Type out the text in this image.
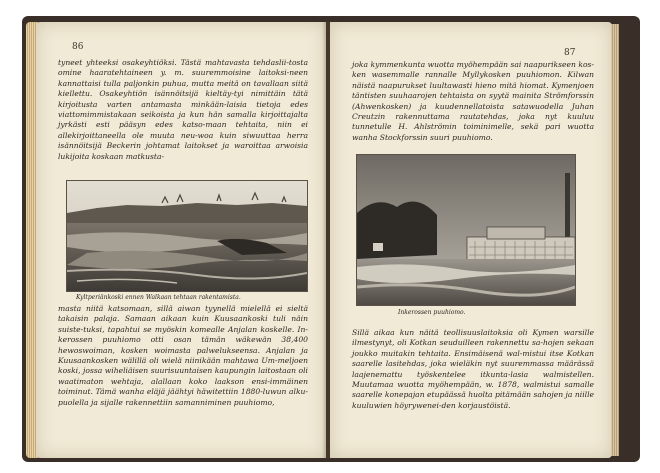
86

tyneet yhteeksi osakeyhtiöksi. Tästä mahtavasta tehdaslii-tosta omine haaratehtaineen y. m. suuremmoisine laitoksi-neen kannattaisi tulla paljonkin puhua, mutta meitä on tavallaan siitä kiellettu. Osakeyhtiön isännöitsijä kieltäy-tyi nimittäin tätä kirjoitusta varten antamasta minkään-laisia tietoja edes viattomimmistakaan seikoista ja kun hän samalla kirjoittajalta jyrkästi esti pääsyn edes katso-maan tehtaita, niin ei allekirjoittaneella ole muuta neu-woa kuin siwuuttaa herra isännöitsijä Beckerin johtamat laitokset ja waroittaa arwoisia lukijoita koskaan matkusta-

Kyltperiänkoski ennen Walkaan tehtaan rakentamista.

masta niitä katsomaan, sillä aiwan tyynellä mielellä ei sieltä takaisin palaja. Samaan aikaan kuin Kuusaankoski tuli näin suiste-tuksi, tapahtui se myöskin komealle Anjalan koskelle. In-kerossen puuhiomo otti osan tämän wäkewän 38,400 hewoswoiman, kosken woimasta palwelukseensa. Anjalan ja Kuusaankosken wälillä oli wielä niinikään mahtawa Um-meljoen koski, jossa wiheliäisen suurisuuntaisen kaupungin laitostaan oli waatimaton wehtaja, alallaan koko laakson ensi-immäinen toiminut. Tämä wanha eläjä jäähtyi häwitettiin 1880-luwun alku-puolella ja sijalle rakennettiin samanniminen puuhiomo,

87

joka kymmenkunta wuotta myöhempään sai naapurikseen kos-ken wasemmalle rannalle Myllykosken puuhiomon. Kilwan näistä naapurukset luultawasti hieno mitä hiomat. Kymenjoen täntisten suuhaarojen tehtaista on syytä mainita Strömforssin (Ahwenkosken) ja kuudennellatoista satawuodella Juhan Creutzin rakennuttama rautatehdas, joka nyt kuuluu tunnetulle H. Ahlströmin toiminimelle, sekä pari wuotta wanha Stockforssin suuri puuhiomo.

Inkerossen puuhiomo.

Sillä aikaa kun näitä teollisuuslaitoksia oli Kymen warsille ilmestynyt, oli Kotkan seuduilleen rakennettu sa-hojen sekaan joukko muitakin tehtaita. Ensimäisenä wal-mistui itse Kotkan saarelle lasitehdas, joka wieläkin nyt suuremmassa määrässä laajenemattu työskentelee itkunta-lasia walmistellen. Muutamaa wuotta myöhempään, w. 1878, walmistui samalle saarelle konepajan etupäässä huolta pitämään sahojen ja niille kuuluwien höyrywenei-den korjaustöistä.
